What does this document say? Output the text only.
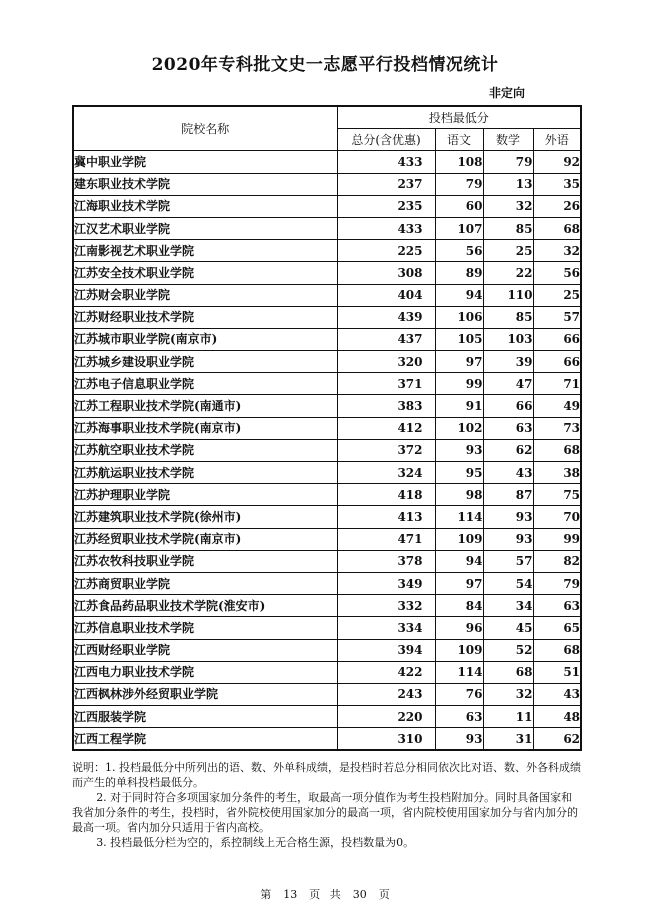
2020年专科批文史一志愿平行投档情况统计
非定向
院校名称	投档最低分			
	总分(含优惠)	语文	数学	外语
冀中职业学院	433	108	79	92
建东职业技术学院	237	79	13	35
江海职业技术学院	235	60	32	26
江汉艺术职业学院	433	107	85	68
江南影视艺术职业学院	225	56	25	32
江苏安全技术职业学院	308	89	22	56
江苏财会职业学院	404	94	110	25
江苏财经职业技术学院	439	106	85	57
江苏城市职业学院(南京市)	437	105	103	66
江苏城乡建设职业学院	320	97	39	66
江苏电子信息职业学院	371	99	47	71
江苏工程职业技术学院(南通市)	383	91	66	49
江苏海事职业技术学院(南京市)	412	102	63	73
江苏航空职业技术学院	372	93	62	68
江苏航运职业技术学院	324	95	43	38
江苏护理职业学院	418	98	87	75
江苏建筑职业技术学院(徐州市)	413	114	93	70
江苏经贸职业技术学院(南京市)	471	109	93	99
江苏农牧科技职业学院	378	94	57	82
江苏商贸职业学院	349	97	54	79
江苏食品药品职业技术学院(淮安市)	332	84	34	63
江苏信息职业技术学院	334	96	45	65
江西财经职业学院	394	109	52	68
江西电力职业技术学院	422	114	68	51
江西枫林涉外经贸职业学院	243	76	32	43
江西服装学院	220	63	11	48
江西工程学院	310	93	31	62

说明：1. 投档最低分中所列出的语、数、外单科成绩，是投档时若总分相同依次比对语、数、外各科成绩而产生的单科投档最低分。

2. 对于同时符合多项国家加分条件的考生，取最高一项分值作为考生投档附加分。同时具备国家和我省加分条件的考生，投档时，省外院校使用国家加分的最高一项，省内院校使用国家加分与省内加分的最高一项。省内加分只适用于省内高校。

3. 投档最低分栏为空的，系控制线上无合格生源，投档数量为0。

第 13 页 共 30 页
